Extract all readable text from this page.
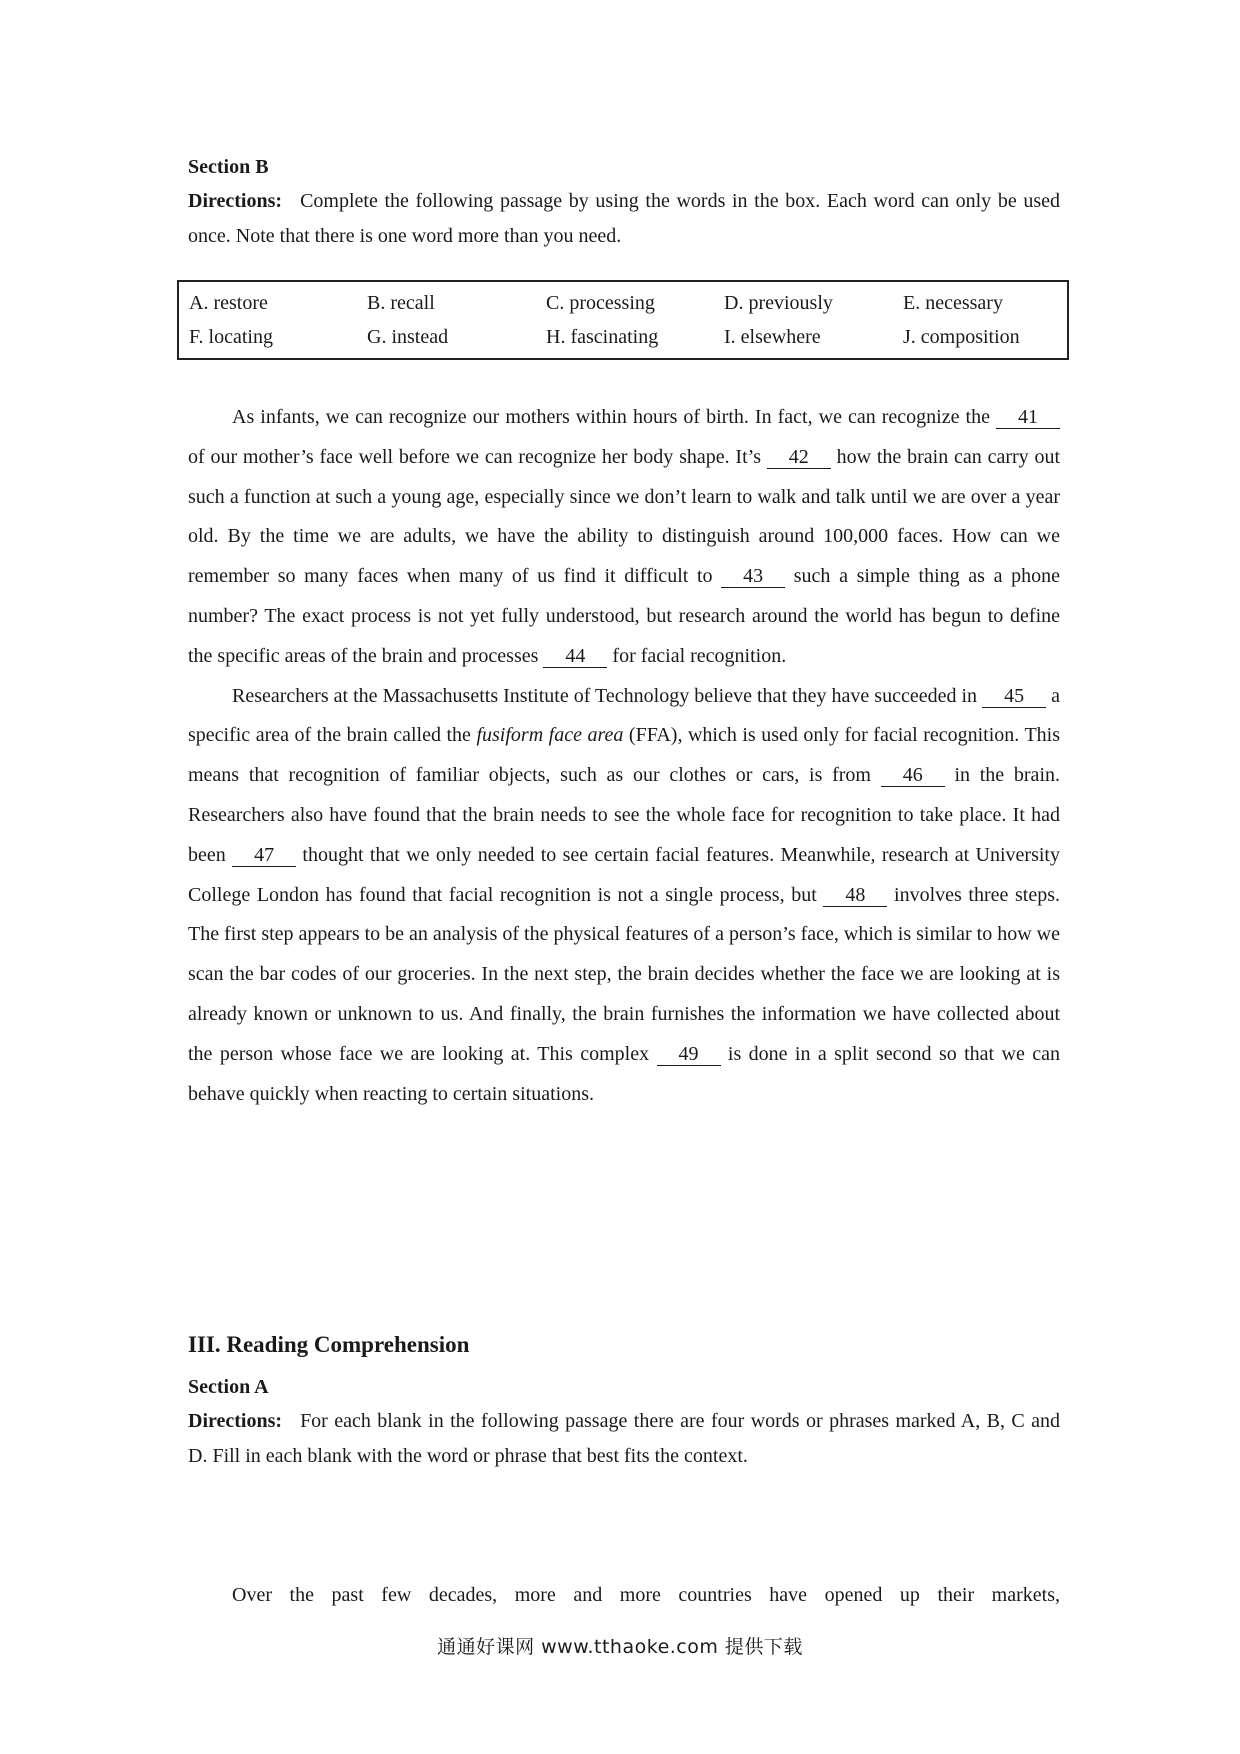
Section B

Directions: Complete the following passage by using the words in the box. Each word can only be used once. Note that there is one word more than you need.

A. restore	B. recall	C. processing	D. previously	E. necessary
F. locating	G. instead	H. fascinating	I. elsewhere	J. composition

As infants, we can recognize our mothers within hours of birth. In fact, we can recognize the 41 of our mother’s face well before we can recognize her body shape. It’s 42 how the brain can carry out such a function at such a young age, especially since we don’t learn to walk and talk until we are over a year old. By the time we are adults, we have the ability to distinguish around 100,000 faces. How can we remember so many faces when many of us find it difficult to 43 such a simple thing as a phone number? The exact process is not yet fully understood, but research around the world has begun to define the specific areas of the brain and processes 44 for facial recognition.

Researchers at the Massachusetts Institute of Technology believe that they have succeeded in 45 a specific area of the brain called the fusiform face area (FFA), which is used only for facial recognition. This means that recognition of familiar objects, such as our clothes or cars, is from 46 in the brain. Researchers also have found that the brain needs to see the whole face for recognition to take place. It had been 47 thought that we only needed to see certain facial features. Meanwhile, research at University College London has found that facial recognition is not a single process, but 48 involves three steps. The first step appears to be an analysis of the physical features of a person’s face, which is similar to how we scan the bar codes of our groceries. In the next step, the brain decides whether the face we are looking at is already known or unknown to us. And finally, the brain furnishes the information we have collected about the person whose face we are looking at. This complex 49 is done in a split second so that we can behave quickly when reacting to certain situations.

III. Reading Comprehension

Section A

Directions: For each blank in the following passage there are four words or phrases marked A, B, C and D. Fill in each blank with the word or phrase that best fits the context.

Over the past few decades, more and more countries have opened up their markets,

通通好课网 www.tthaoke.com 提供下载
